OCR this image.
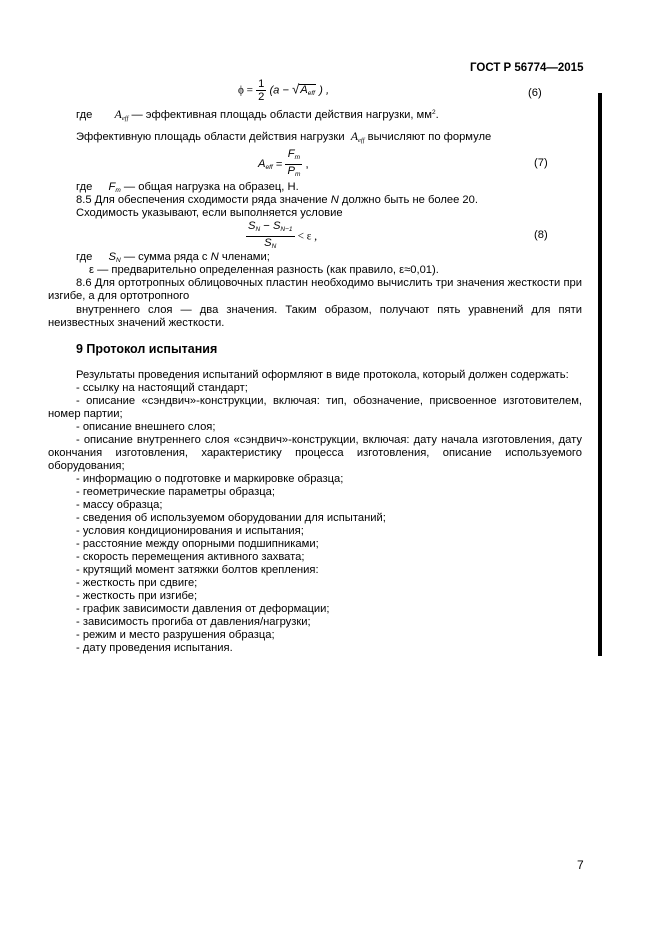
ГОСТ Р 56774—2015
$\phi = \frac{1}{2} (a - √A_{eff}$ ) ,	(6)
где $A_{eff}$ — эффективная площадь области действия нагрузки, $мм^2$.
Эффективную площадь области действия нагрузки $A_{eff}$ вычисляют по формуле
$A_{eff} = \frac{F_m}{P_m}$ ,	(7)
где $F_m$ — общая нагрузка на образец, Н.
8.5 Для обеспечения сходимости ряда значение N должно быть не более 20.
Сходимость указывают, если выполняется условие
$\frac{S_N - S_{N-1}}{S_N} < \varepsilon$ ,	(8)
где $S_N$ — сумма ряда с N членами;
ε — предварительно определенная разность (как правило, ε≈0,01).
8.6 Для ортотропных облицовочных пластин необходимо вычислить три значения жесткости при
изгибе, а для ортотропного
внутреннего слоя — два значения. Таким образом, получают пять уравнений для пяти
неизвестных значений жесткости.
9 Протокол испытания
Результаты проведения испытаний оформляют в виде протокола, который должен содержать:
- ссылку на настоящий стандарт;
- описание «сэндвич»-конструкции, включая: тип, обозначение, присвоенное изготовителем,
номер партии;
- описание внешнего слоя;
- описание внутреннего слоя «сэндвич»-конструкции, включая: дату начала изготовления, дату
окончания изготовления, характеристику процесса изготовления, описание используемого
оборудования;
- информацию о подготовке и маркировке образца;
- геометрические параметры образца;
- массу образца;
- сведения об используемом оборудовании для испытаний;
- условия кондиционирования и испытания;
- расстояние между опорными подшипниками;
- скорость перемещения активного захвата;
- крутящий момент затяжки болтов крепления:
- жесткость при сдвиге;
- жесткость при изгибе;
- график зависимости давления от деформации;
- зависимость прогиба от давления/нагрузки;
- режим и место разрушения образца;
- дату проведения испытания.
7
